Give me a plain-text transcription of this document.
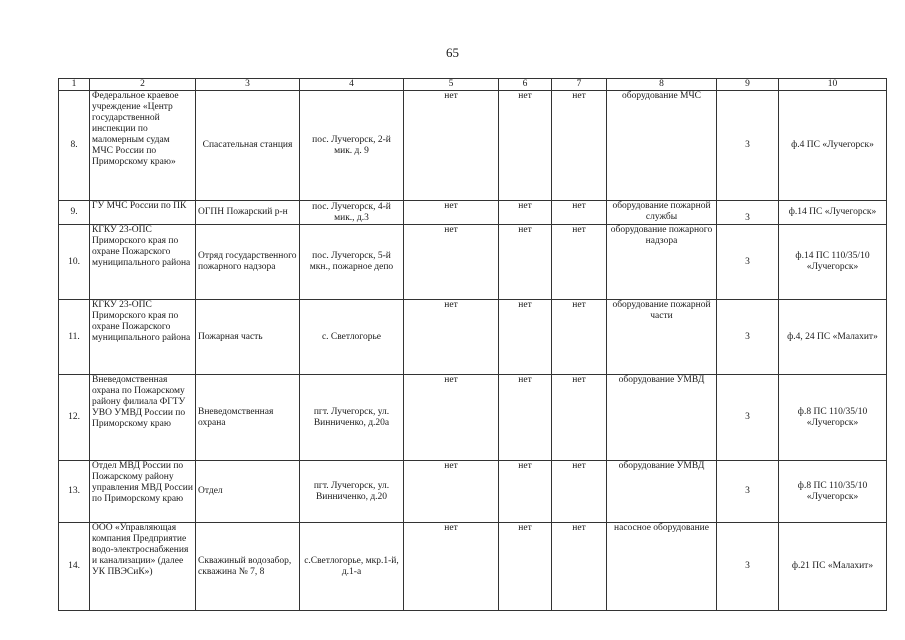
65
1	2	3	4	5	6	7	8	9	10
8.	Федеральное краевое учреждение «Центр государственной инспекции по маломерным судам МЧС России по Приморскому краю»	Спасательная станция	пос. Лучегорск, 2-й мик. д. 9	нет	нет	нет	оборудование МЧС	3	ф.4 ПС «Лучегорск»
9.	ГУ МЧС России по ПК	ОГПН Пожарский р-н	пос. Лучегорск, 4-й мик., д.3	нет	нет	нет	оборудование пожарной службы	3	ф.14 ПС «Лучегорск»
10.	КГКУ 23-ОПС Приморского края по охране Пожарского муниципального района	Отряд государственного пожарного надзора	пос. Лучегорск, 5-й мкн., пожарное депо	нет	нет	нет	оборудование пожарного надзора	3	ф.14 ПС 110/35/10 «Лучегорск»
11.	КГКУ 23-ОПС Приморского края по охране Пожарского муниципального района	Пожарная часть	с. Светлогорье	нет	нет	нет	оборудование пожарной части	3	ф.4, 24 ПС «Малахит»
12.	Вневедомственная охрана по Пожарскому району филиала ФГТУ УВО УМВД России по Приморскому краю	Вневедомственная охрана	пгт. Лучегорск, ул. Винниченко, д.20а	нет	нет	нет	оборудование УМВД	3	ф.8 ПС 110/35/10 «Лучегорск»
13.	Отдел МВД России по Пожарскому району управления МВД России по Приморскому краю	Отдел	пгт. Лучегорск, ул. Винниченко, д.20	нет	нет	нет	оборудование УМВД	3	ф.8 ПС 110/35/10 «Лучегорск»
14.	ООО «Управляющая компания Предприятие водо-электроснабжения и канализации» (далее УК ПВЭСиК»)	Скважиный водозабор, скважина № 7, 8	с.Светлогорье, мкр.1-й, д.1-а	нет	нет	нет	насосное оборудование	3	ф.21 ПС «Малахит»
